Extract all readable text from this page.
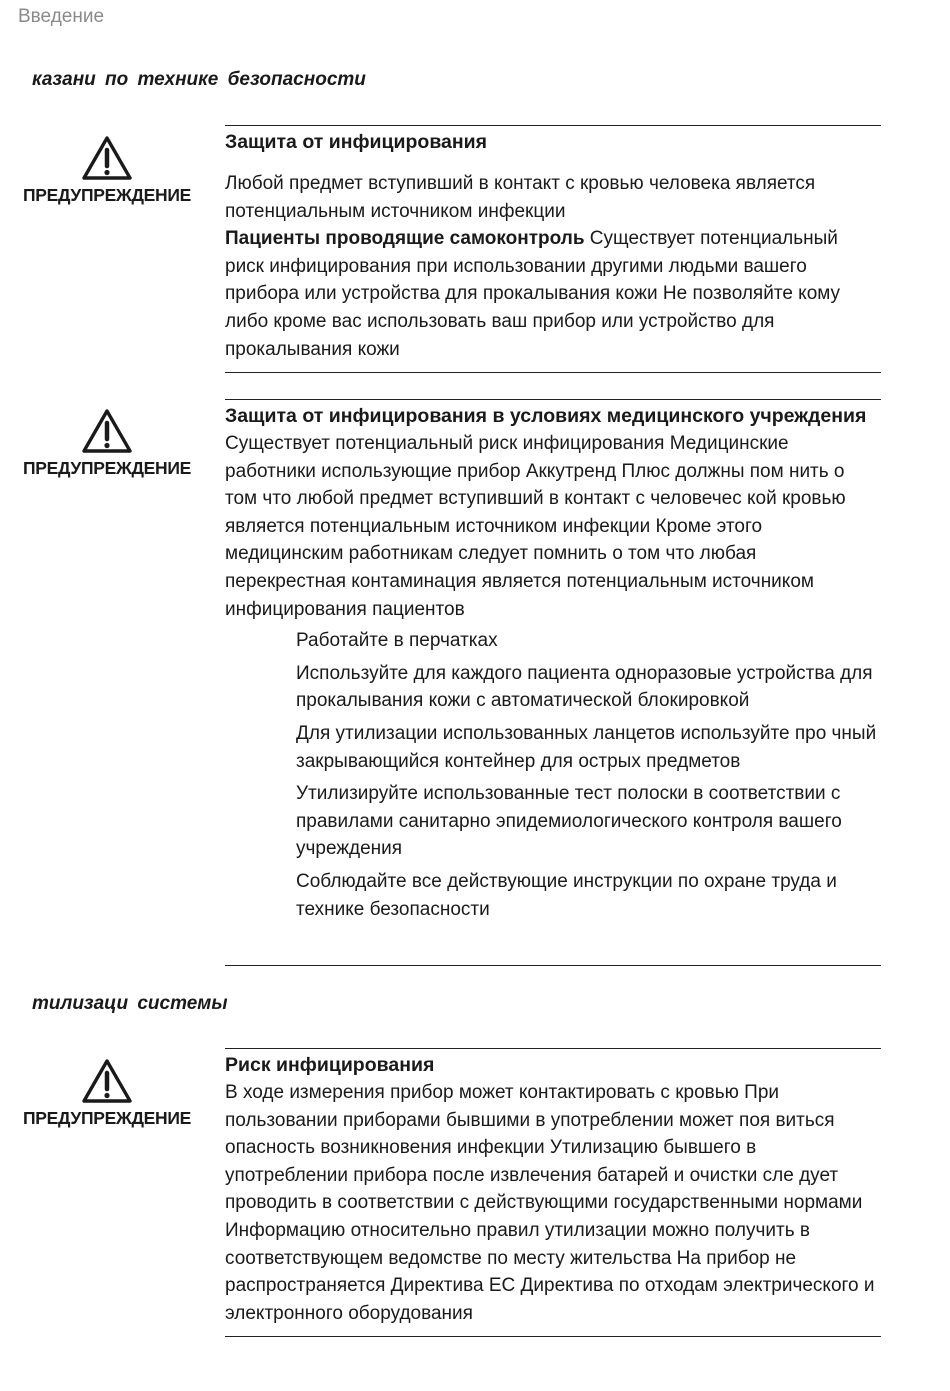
Введение
казани по технике безопасности
ПРЕДУПРЕЖДЕНИЕ
Защита от инфицирования

Любой предмет вступивший в контакт с кровью человека является потенциальным источником инфекции

Пациенты проводящие самоконтроль Существует потенциальный риск инфицирования при использовании другими людьми вашего прибора или устройства для прокалывания кожи Не позволяйте кому либо кроме вас использовать ваш прибор или устройство для прокалывания кожи

ПРЕДУПРЕЖДЕНИЕ
Защита от инфицирования в условиях медицинского учреждения

Существует потенциальный риск инфицирования Медицинские работники использующие прибор Аккутренд Плюс должны пом нить о том что любой предмет вступивший в контакт с человечес кой кровью является потенциальным источником инфекции Кроме этого медицинским работникам следует помнить о том что любая перекрестная контаминация является потенциальным источником инфицирования пациентов

Работайте в перчатках
Используйте для каждого пациента одноразовые устройства для прокалывания кожи с автоматической блокировкой
Для утилизации использованных ланцетов используйте про чный закрывающийся контейнер для острых предметов
Утилизируйте использованные тест полоски в соответствии с правилами санитарно эпидемиологического контроля вашего учреждения
Соблюдайте все действующие инструкции по охране труда и технике безопасности
тилизаци системы
ПРЕДУПРЕЖДЕНИЕ
Риск инфицирования

В ходе измерения прибор может контактировать с кровью При пользовании приборами бывшими в употреблении может поя виться опасность возникновения инфекции Утилизацию бывшего в употреблении прибора после извлечения батарей и очистки сле дует проводить в соответствии с действующими государственными нормами Информацию относительно правил утилизации можно получить в соответствующем ведомстве по месту жительства На прибор не распространяется Директива ЕС Директива по отходам электрического и электронного оборудования
